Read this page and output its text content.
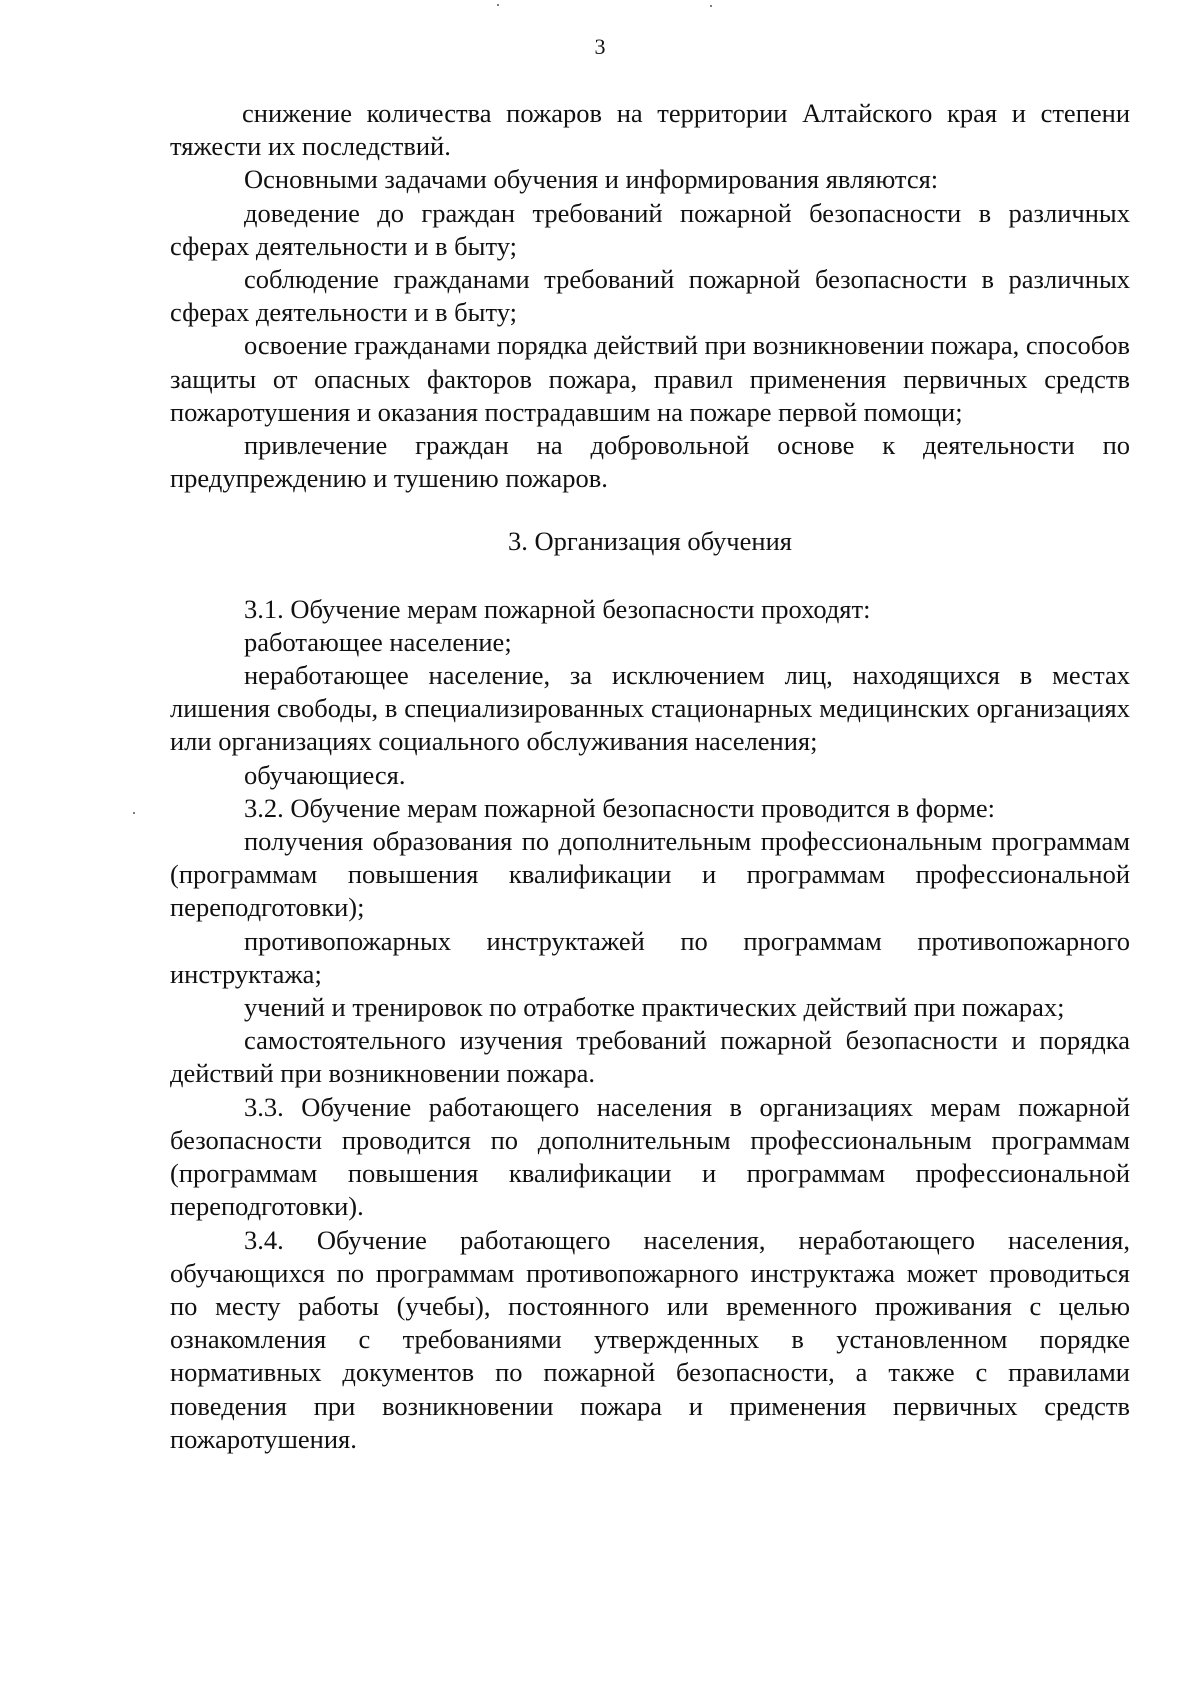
3

снижение количества пожаров на территории Алтайского края и степени тяжести их последствий.

Основными задачами обучения и информирования являются:

доведение до граждан требований пожарной безопасности в различных сферах деятельности и в быту;

соблюдение гражданами требований пожарной безопасности в различных сферах деятельности и в быту;

освоение гражданами порядка действий при возникновении пожара, способов защиты от опасных факторов пожара, правил применения первичных средств пожаротушения и оказания пострадавшим на пожаре первой помощи;

привлечение граждан на добровольной основе к деятельности по предупреждению и тушению пожаров.

3. Организация обучения

3.1. Обучение мерам пожарной безопасности проходят:

работающее население;

неработающее население, за исключением лиц, находящихся в местах лишения свободы, в специализированных стационарных медицинских организациях или организациях социального обслуживания населения;

обучающиеся.

3.2. Обучение мерам пожарной безопасности проводится в форме:

получения образования по дополнительным профессиональным программам (программам повышения квалификации и программам профессиональной переподготовки);

противопожарных инструктажей по программам противопожарного инструктажа;

учений и тренировок по отработке практических действий при пожарах;

самостоятельного изучения требований пожарной безопасности и порядка действий при возникновении пожара.

3.3. Обучение работающего населения в организациях мерам пожарной безопасности проводится по дополнительным профессиональным программам (программам повышения квалификации и программам профессиональной переподготовки).

3.4. Обучение работающего населения, неработающего населения, обучающихся по программам противопожарного инструктажа может проводиться по месту работы (учебы), постоянного или временного проживания с целью ознакомления с требованиями утвержденных в установленном порядке нормативных документов по пожарной безопасности, а также с правилами поведения при возникновении пожара и применения первичных средств пожаротушения.
